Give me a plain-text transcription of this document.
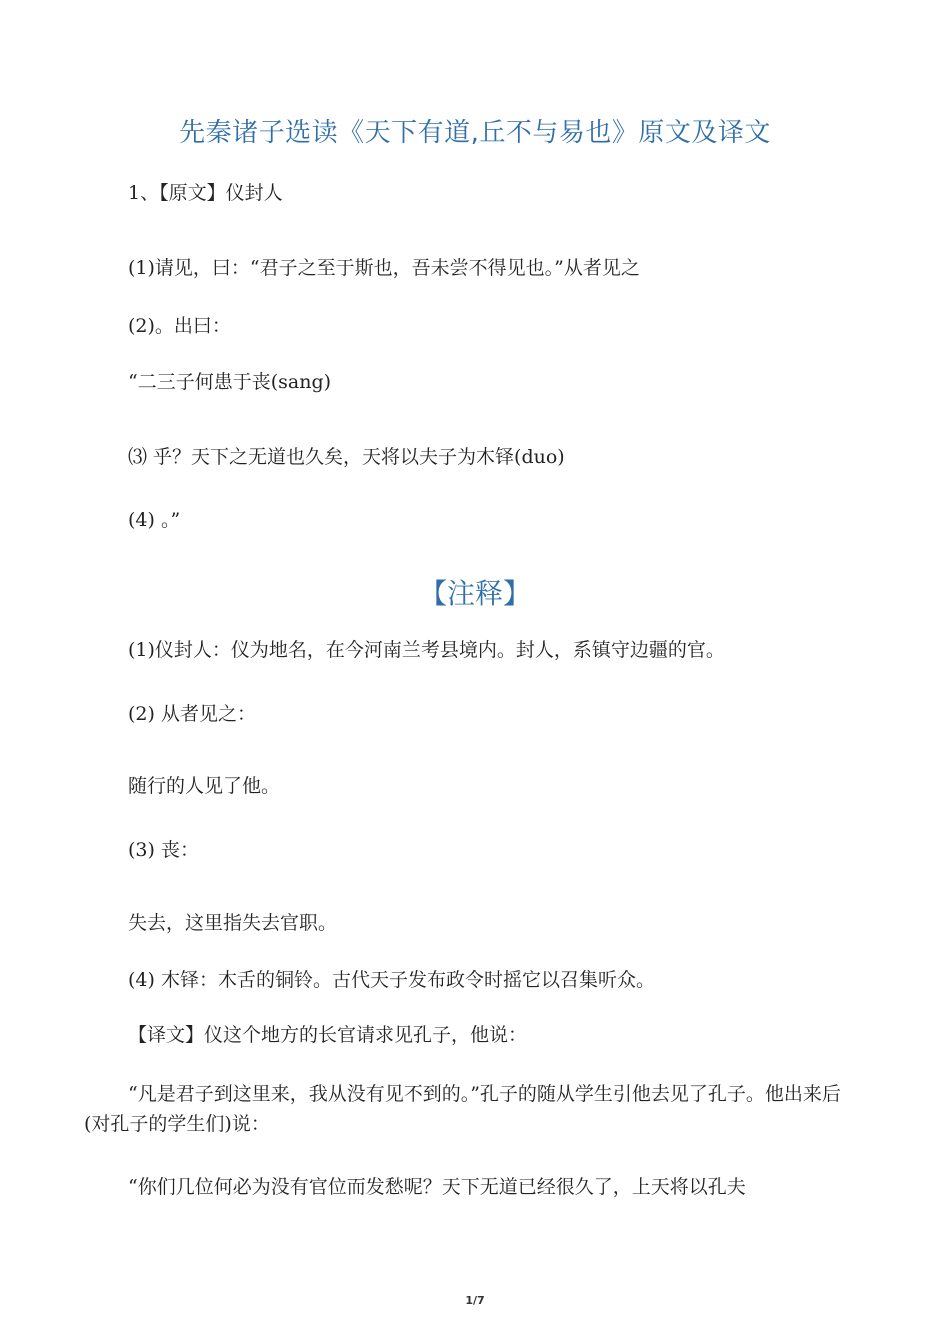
先秦诸子选读《天下有道,丘不与易也》原文及译文
1、【原文】仪封人
(1)请见，曰：“君子之至于斯也，吾未尝不得见也。”从者见之
(2)。出曰：
“二三子何患于丧(sang)
⑶ 乎？天下之无道也久矣，天将以夫子为木铎(duo)
(4) 。”
【注释】
(1)仪封人：仪为地名，在今河南兰考县境内。封人，系镇守边疆的官。
(2) 从者见之：
随行的人见了他。
(3) 丧：
失去，这里指失去官职。
(4) 木铎：木舌的铜铃。古代天子发布政令时摇它以召集听众。
【译文】仪这个地方的长官请求见孔子，他说：
“凡是君子到这里来，我从没有见不到的。”孔子的随从学生引他去见了孔子。他出来后(对孔子的学生们)说：
“你们几位何必为没有官位而发愁呢？天下无道已经很久了，上天将以孔夫
1/7
